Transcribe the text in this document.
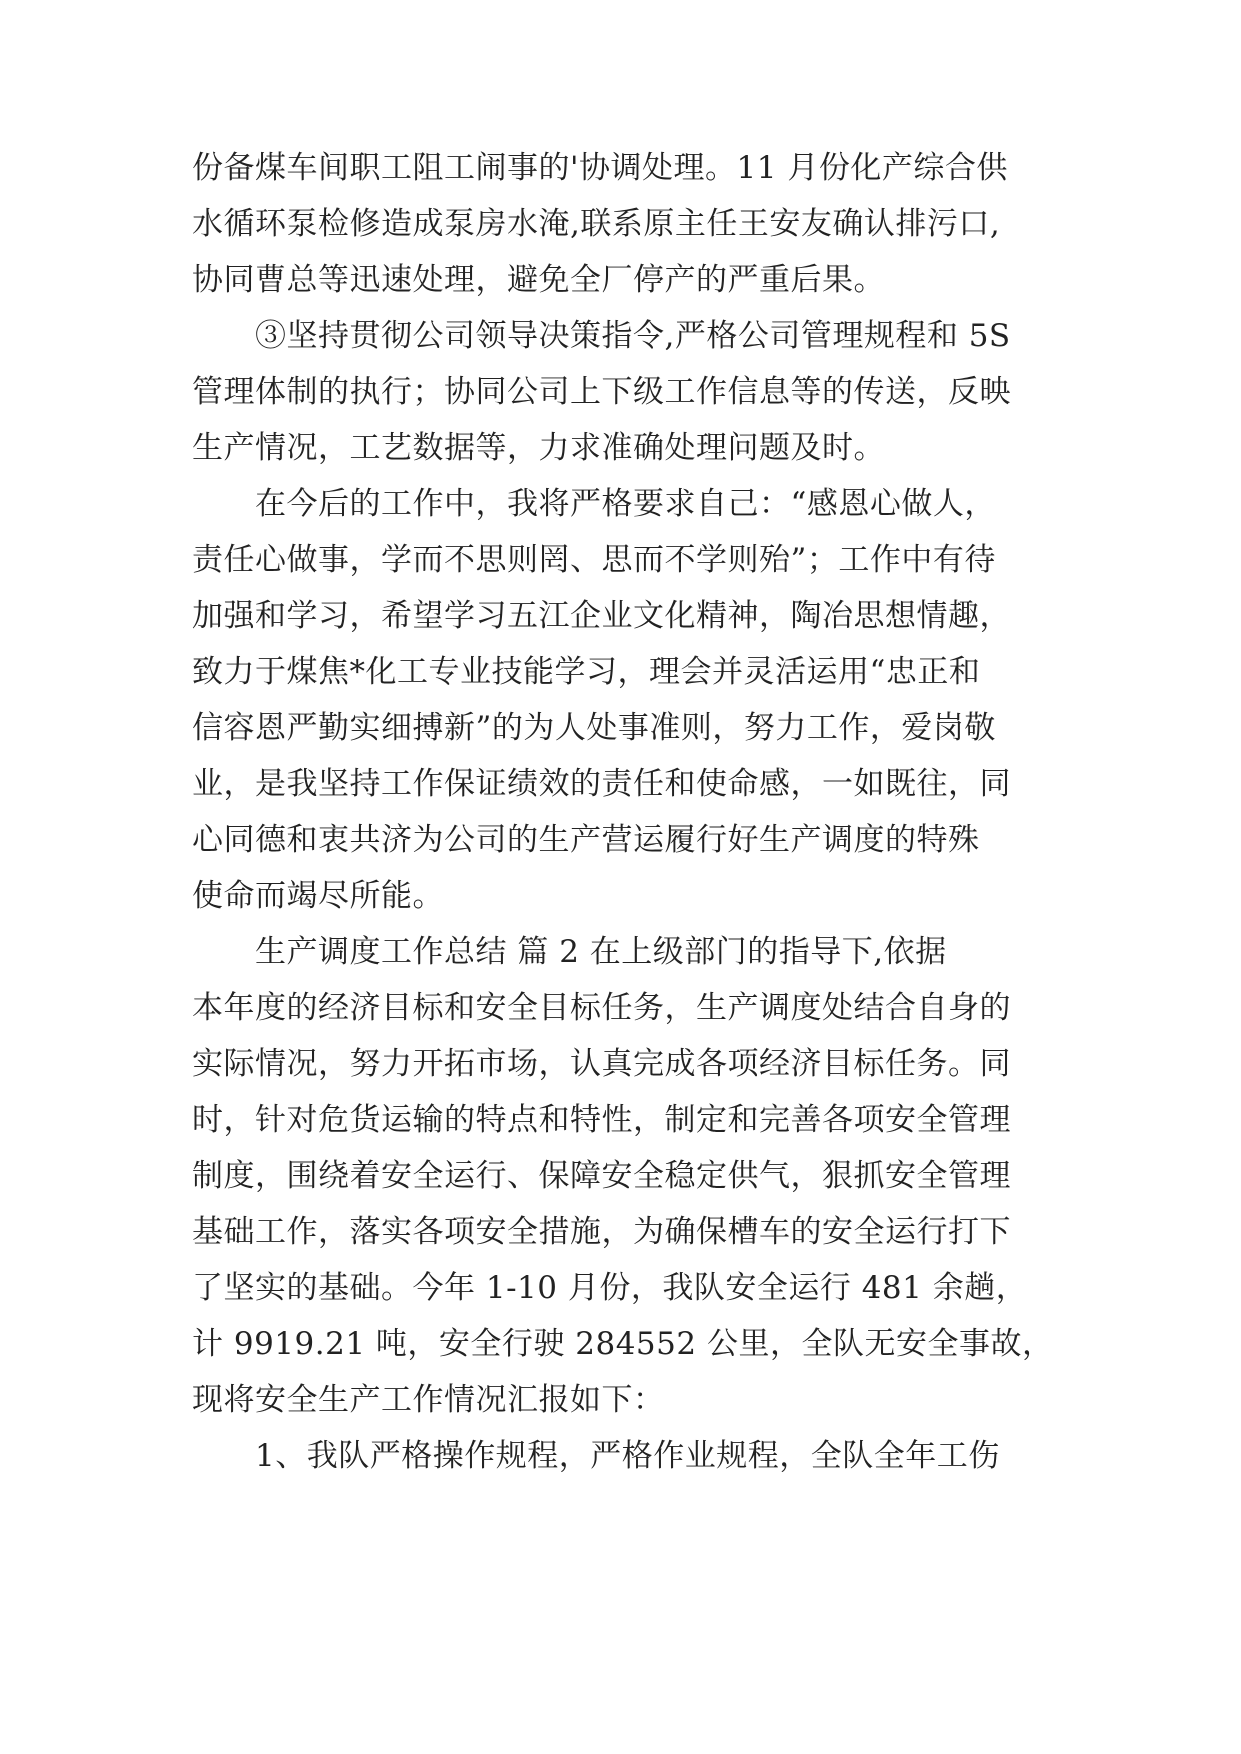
份备煤车间职工阻工闹事的'协调处理。11 月份化产综合供
水循环泵检修造成泵房水淹,联系原主任王安友确认排污口,
协同曹总等迅速处理，避免全厂停产的严重后果。
③坚持贯彻公司领导决策指令,严格公司管理规程和 5S
管理体制的执行；协同公司上下级工作信息等的传送，反映
生产情况，工艺数据等，力求准确处理问题及时。
在今后的工作中，我将严格要求自己：“感恩心做人，
责任心做事，学而不思则罔、思而不学则殆”；工作中有待
加强和学习，希望学习五江企业文化精神，陶冶思想情趣，
致力于煤焦*化工专业技能学习，理会并灵活运用“忠正和
信容恩严勤实细搏新”的为人处事准则，努力工作，爱岗敬
业，是我坚持工作保证绩效的责任和使命感，一如既往，同
心同德和衷共济为公司的生产营运履行好生产调度的特殊
使命而竭尽所能。
生产调度工作总结 篇 2 在上级部门的指导下,依据
本年度的经济目标和安全目标任务，生产调度处结合自身的
实际情况，努力开拓市场，认真完成各项经济目标任务。同
时，针对危货运输的特点和特性，制定和完善各项安全管理
制度，围绕着安全运行、保障安全稳定供气，狠抓安全管理
基础工作，落实各项安全措施，为确保槽车的安全运行打下
了坚实的基础。今年 1-10 月份，我队安全运行 481 余趟，
计 9919.21 吨，安全行驶 284552 公里，全队无安全事故，
现将安全生产工作情况汇报如下：
1、我队严格操作规程，严格作业规程，全队全年工伤
